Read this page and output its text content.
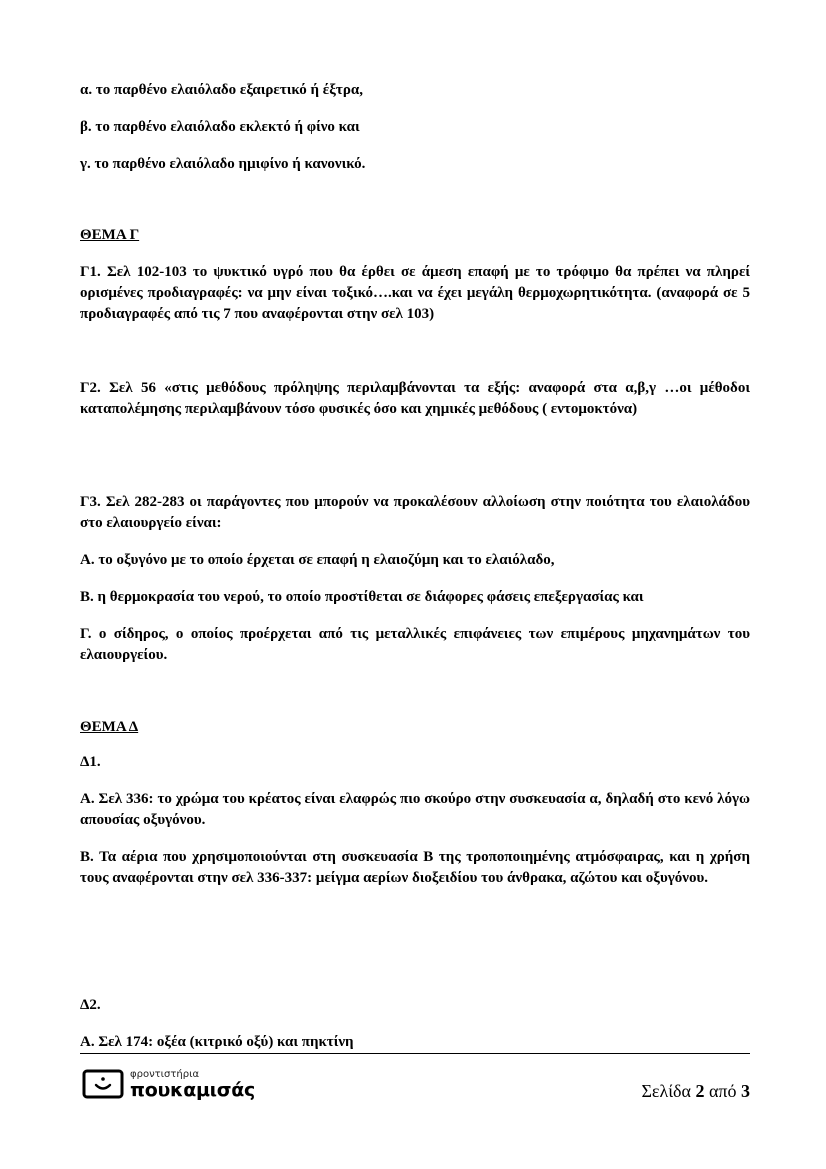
α. το παρθένο ελαιόλαδο εξαιρετικό ή έξτρα,

β. το παρθένο ελαιόλαδο εκλεκτό ή φίνο και

γ. το παρθένο ελαιόλαδο ημιφίνο ή κανονικό.

ΘΕΜΑ Γ

Γ1. Σελ 102-103 το ψυκτικό υγρό που θα έρθει σε άμεση επαφή με το τρόφιμο θα πρέπει να πληρεί ορισμένες προδιαγραφές: να μην είναι τοξικό….και να έχει μεγάλη θερμοχωρητικότητα. (αναφορά σε 5 προδιαγραφές από τις 7 που αναφέρονται στην σελ 103)

Γ2. Σελ 56 «στις μεθόδους πρόληψης περιλαμβάνονται τα εξής: αναφορά στα α,β,γ …οι μέθοδοι καταπολέμησης περιλαμβάνουν τόσο φυσικές όσο και χημικές μεθόδους ( εντομοκτόνα)

Γ3. Σελ 282-283 οι παράγοντες που μπορούν να προκαλέσουν αλλοίωση στην ποιότητα του ελαιολάδου στο ελαιουργείο είναι:

Α. το οξυγόνο με το οποίο έρχεται σε επαφή η ελαιοζύμη και το ελαιόλαδο,

Β. η θερμοκρασία του νερού, το οποίο προστίθεται σε διάφορες φάσεις επεξεργασίας και

Γ. ο σίδηρος, ο οποίος προέρχεται από τις μεταλλικές επιφάνειες των επιμέρους μηχανημάτων του ελαιουργείου.

ΘΕΜΑ Δ

Δ1.

Α. Σελ 336: το χρώμα του κρέατος είναι ελαφρώς πιο σκούρο στην συσκευασία α, δηλαδή στο κενό λόγω απουσίας οξυγόνου.

Β. Τα αέρια που χρησιμοποιούνται στη συσκευασία Β της τροποποιημένης ατμόσφαιρας, και η χρήση τους αναφέρονται στην σελ 336-337: μείγμα αερίων διοξειδίου του άνθρακα, αζώτου και οξυγόνου.

Δ2.

Α. Σελ 174: οξέα (κιτρικό οξύ) και πηκτίνη

φροντιστήρια
πουκαμισάς	Σελίδα 2 από 3
